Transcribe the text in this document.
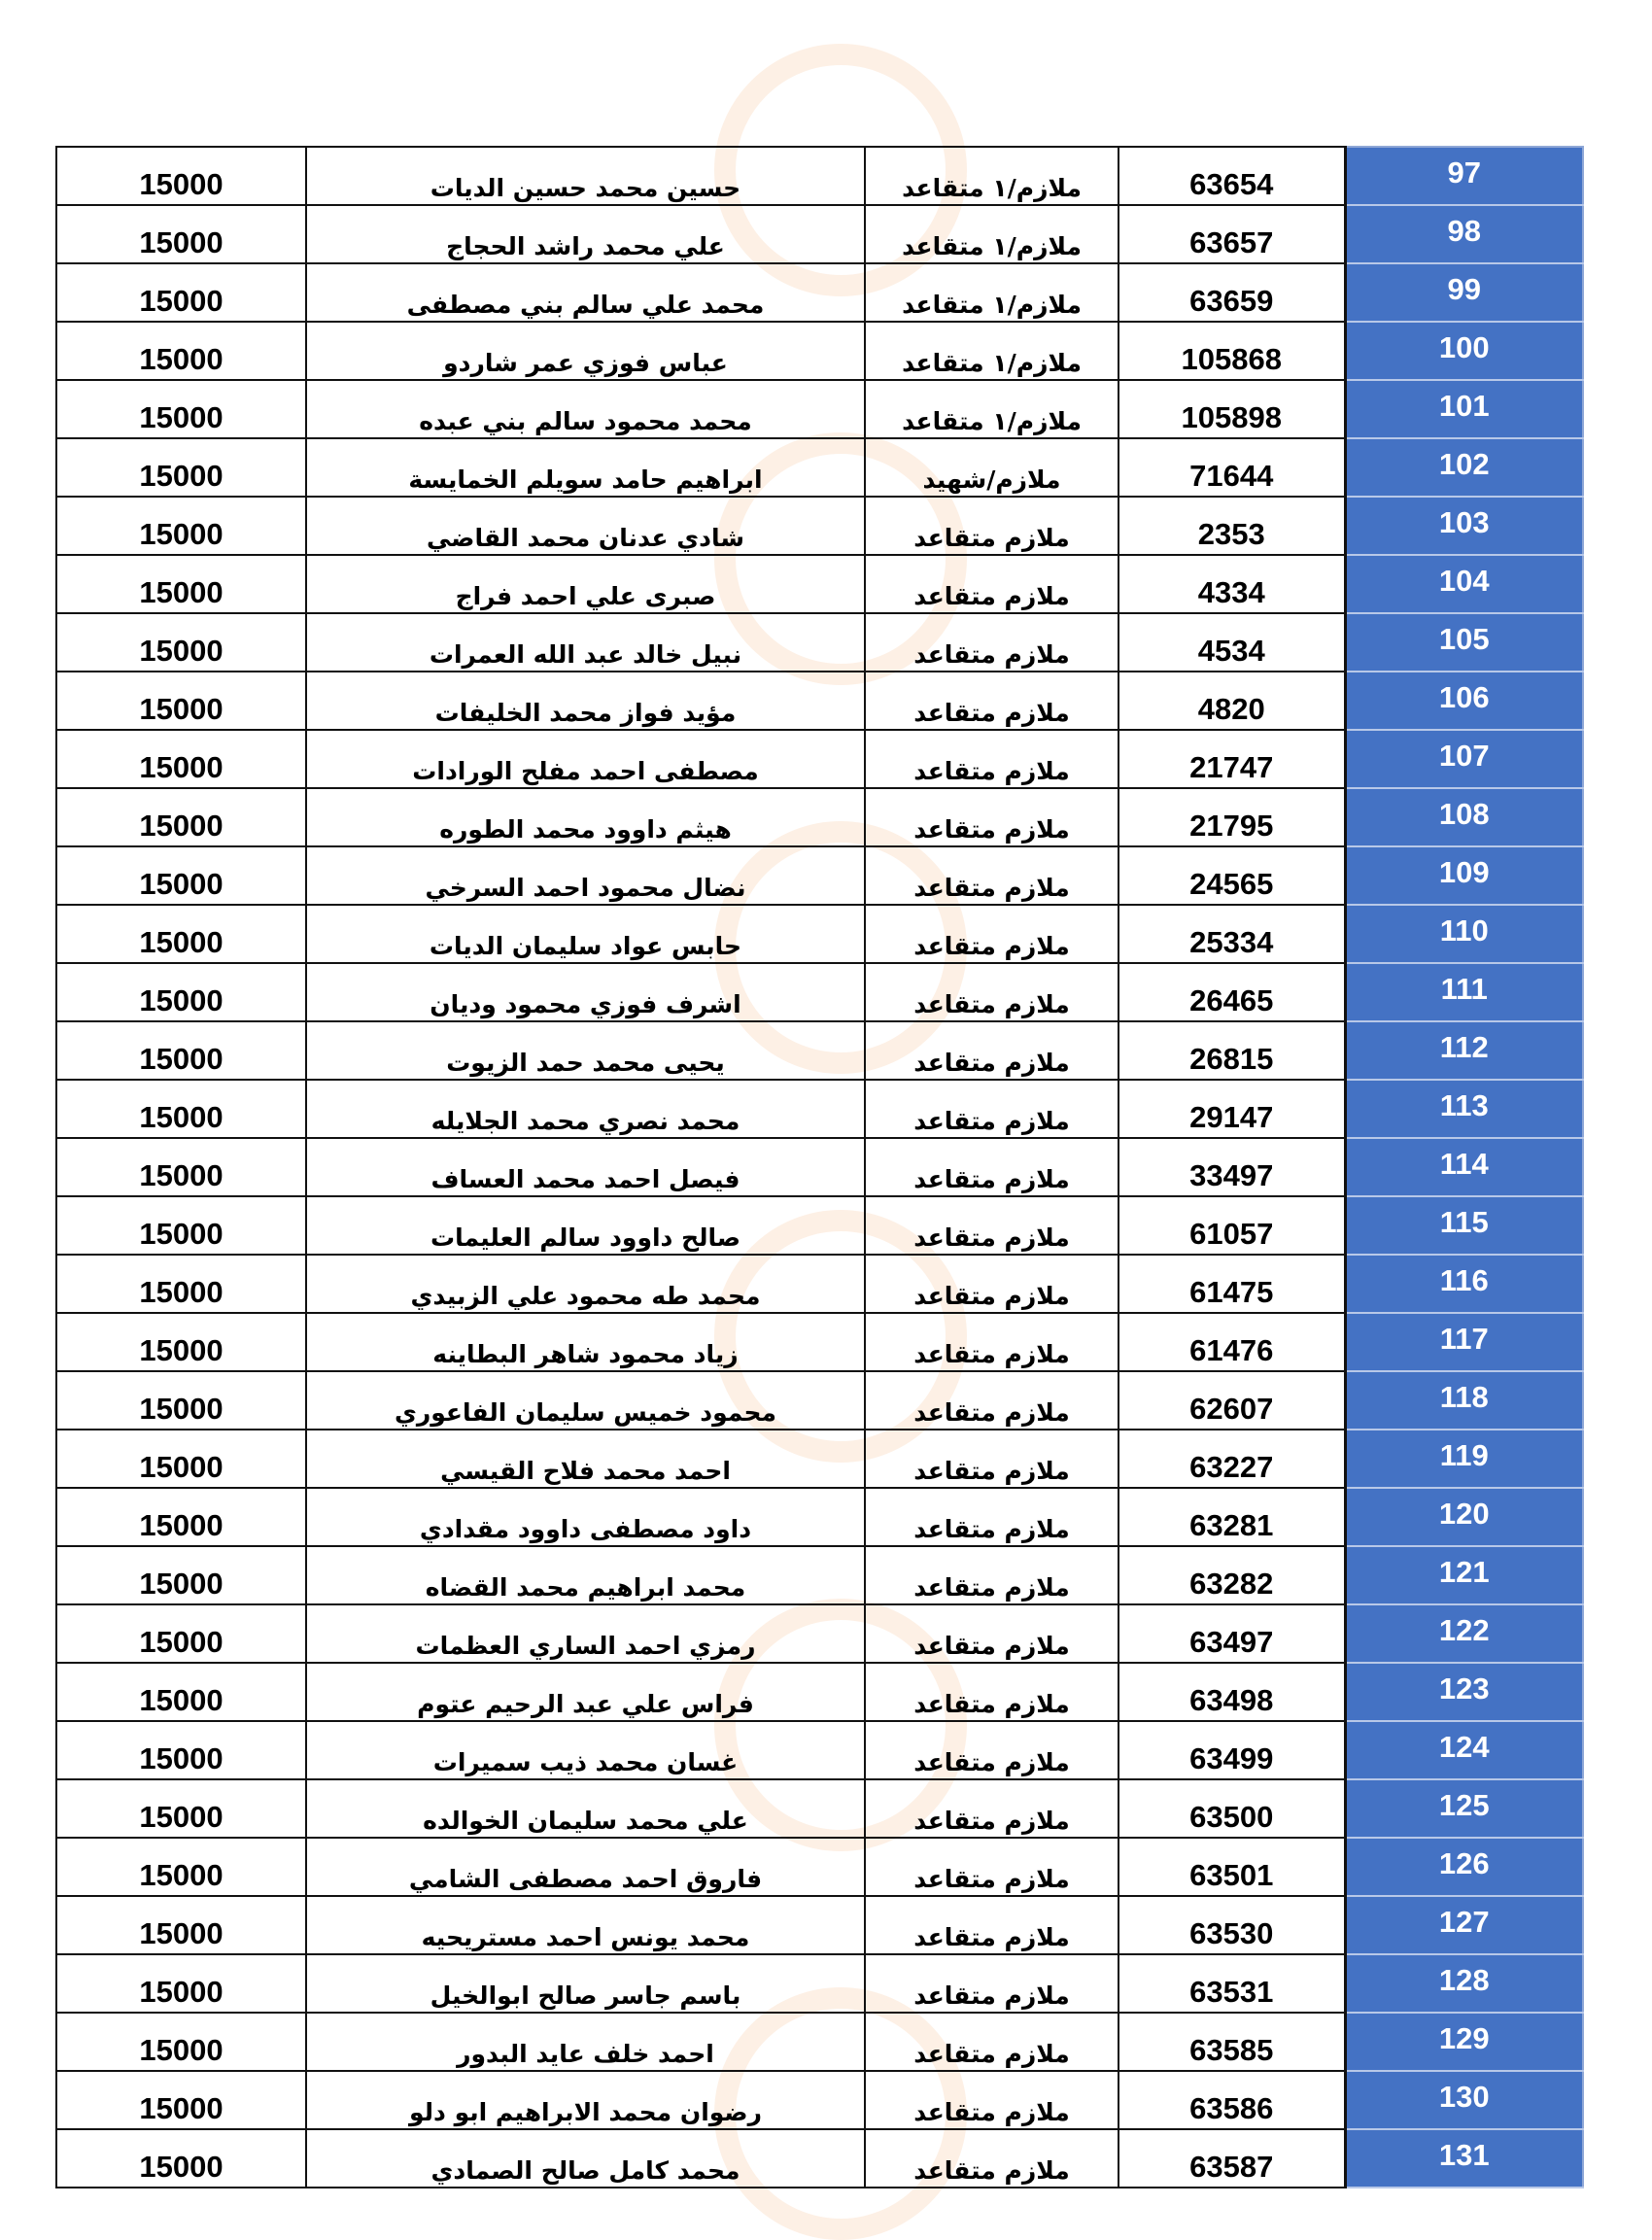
15000	حسين محمد حسين الديات	ملازم/١ متقاعد	63654	97
15000	علي محمد راشد الحجاج	ملازم/١ متقاعد	63657	98
15000	محمد علي سالم بني مصطفى	ملازم/١ متقاعد	63659	99
15000	عباس فوزي عمر شاردو	ملازم/١ متقاعد	105868	100
15000	محمد محمود سالم بني عبده	ملازم/١ متقاعد	105898	101
15000	ابراهيم حامد سويلم الخمايسة	ملازم/شهيد	71644	102
15000	شادي عدنان محمد القاضي	ملازم متقاعد	2353	103
15000	صبرى علي احمد فراج	ملازم متقاعد	4334	104
15000	نبيل خالد عبد الله العمرات	ملازم متقاعد	4534	105
15000	مؤيد فواز محمد الخليفات	ملازم متقاعد	4820	106
15000	مصطفى احمد مفلح الورادات	ملازم متقاعد	21747	107
15000	هيثم داوود محمد الطوره	ملازم متقاعد	21795	108
15000	نضال محمود احمد السرخي	ملازم متقاعد	24565	109
15000	حابس عواد سليمان الديات	ملازم متقاعد	25334	110
15000	اشرف فوزي محمود وديان	ملازم متقاعد	26465	111
15000	يحيى محمد حمد الزيوت	ملازم متقاعد	26815	112
15000	محمد نصري محمد الجلايله	ملازم متقاعد	29147	113
15000	فيصل احمد محمد العساف	ملازم متقاعد	33497	114
15000	صالح داوود سالم العليمات	ملازم متقاعد	61057	115
15000	محمد طه محمود علي الزبيدي	ملازم متقاعد	61475	116
15000	زياد محمود شاهر البطاينه	ملازم متقاعد	61476	117
15000	محمود خميس سليمان الفاعوري	ملازم متقاعد	62607	118
15000	احمد محمد فلاح القيسي	ملازم متقاعد	63227	119
15000	داود مصطفى داوود مقدادي	ملازم متقاعد	63281	120
15000	محمد ابراهيم محمد القضاه	ملازم متقاعد	63282	121
15000	رمزي احمد الساري العظمات	ملازم متقاعد	63497	122
15000	فراس علي عبد الرحيم عتوم	ملازم متقاعد	63498	123
15000	غسان محمد ذيب سميرات	ملازم متقاعد	63499	124
15000	علي محمد سليمان الخوالده	ملازم متقاعد	63500	125
15000	فاروق احمد مصطفى الشامي	ملازم متقاعد	63501	126
15000	محمد يونس احمد مستريحيه	ملازم متقاعد	63530	127
15000	باسم جاسر صالح ابوالخيل	ملازم متقاعد	63531	128
15000	احمد خلف عايد البدور	ملازم متقاعد	63585	129
15000	رضوان محمد الابراهيم ابو دلو	ملازم متقاعد	63586	130
15000	محمد كامل صالح الصمادي	ملازم متقاعد	63587	131
